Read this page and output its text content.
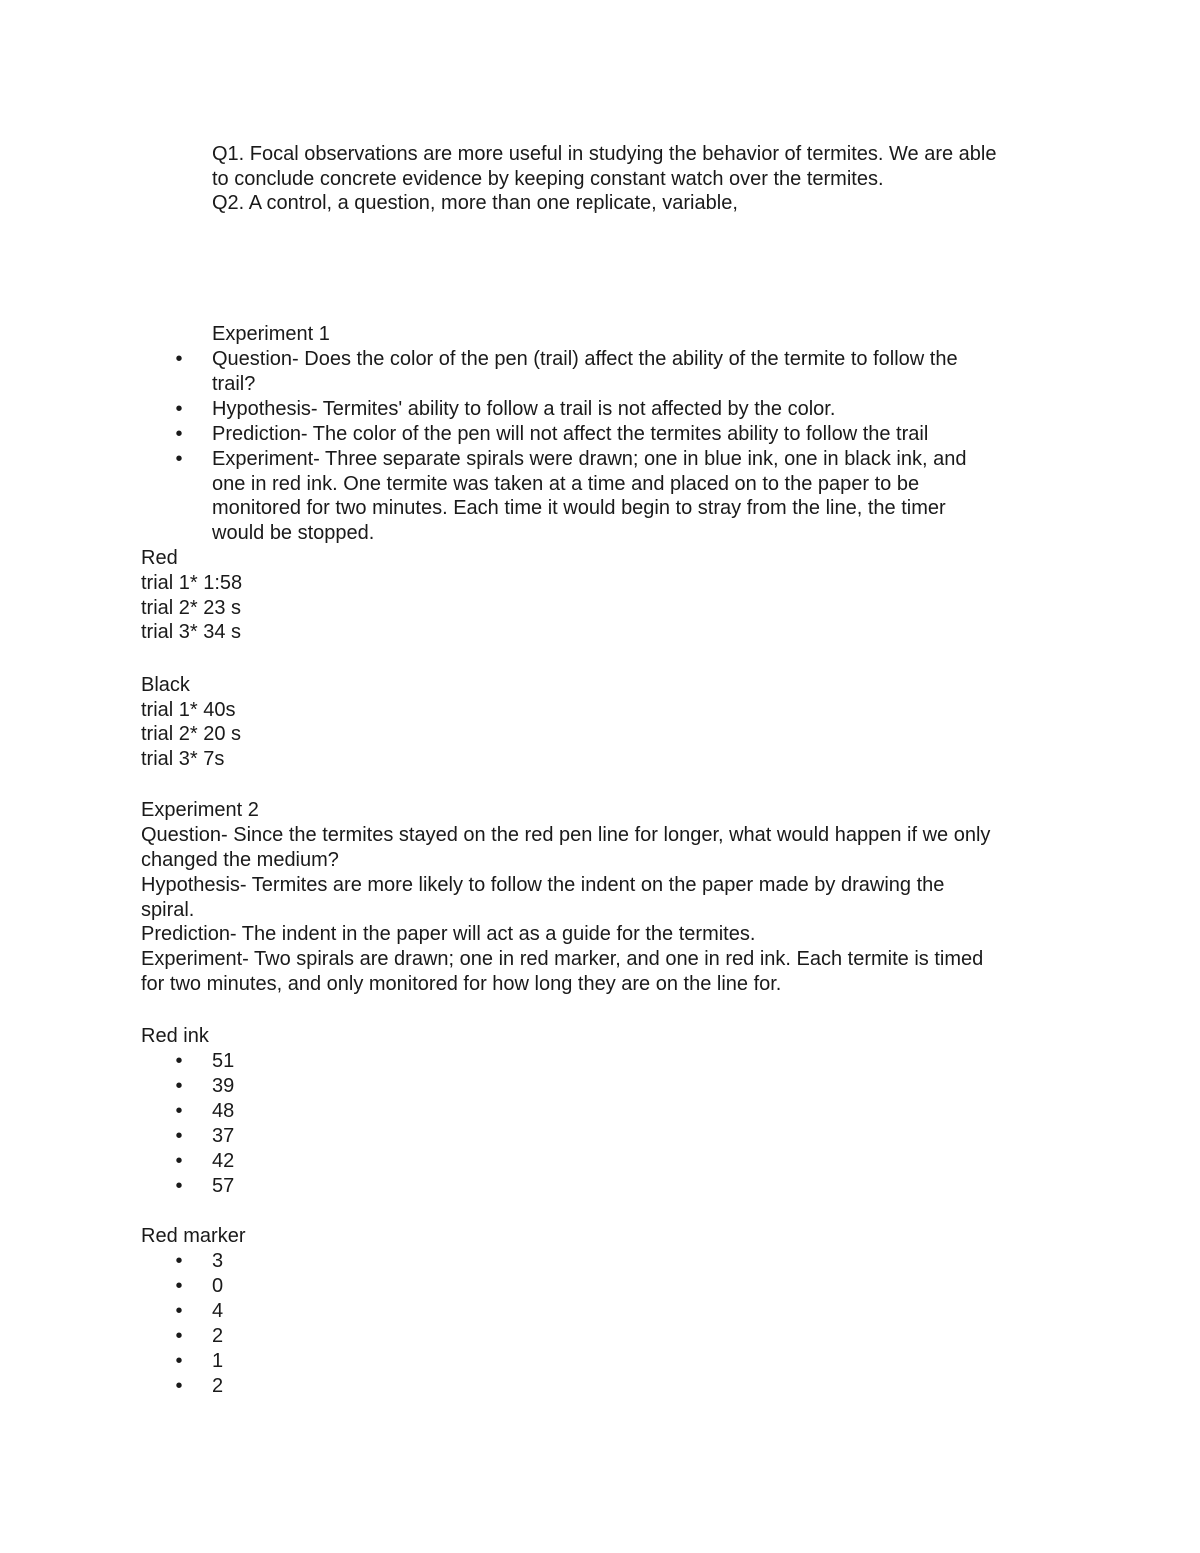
Q1. Focal observations are more useful in studying the behavior of termites. We are able
to conclude concrete evidence by keeping constant watch over the termites.
Q2. A control, a question, more than one replicate, variable,
Experiment 1
• Question- Does the color of the pen (trail) affect the ability of the termite to follow the
trail?
• Hypothesis- Termites' ability to follow a trail is not affected by the color.
• Prediction- The color of the pen will not affect the termites ability to follow the trail
• Experiment- Three separate spirals were drawn; one in blue ink, one in black ink, and
one in red ink. One termite was taken at a time and placed on to the paper to be
monitored for two minutes. Each time it would begin to stray from the line, the timer
would be stopped.
Red
trial 1* 1:58
trial 2* 23 s
trial 3* 34 s
Black
trial 1* 40s
trial 2* 20 s
trial 3* 7s
Experiment 2
Question- Since the termites stayed on the red pen line for longer, what would happen if we only
changed the medium?
Hypothesis- Termites are more likely to follow the indent on the paper made by drawing the
spiral.
Prediction- The indent in the paper will act as a guide for the termites.
Experiment- Two spirals are drawn; one in red marker, and one in red ink. Each termite is timed
for two minutes, and only monitored for how long they are on the line for.
Red ink
• 51
• 39
• 48
• 37
• 42
• 57
Red marker
• 3
• 0
• 4
• 2
• 1
• 2
